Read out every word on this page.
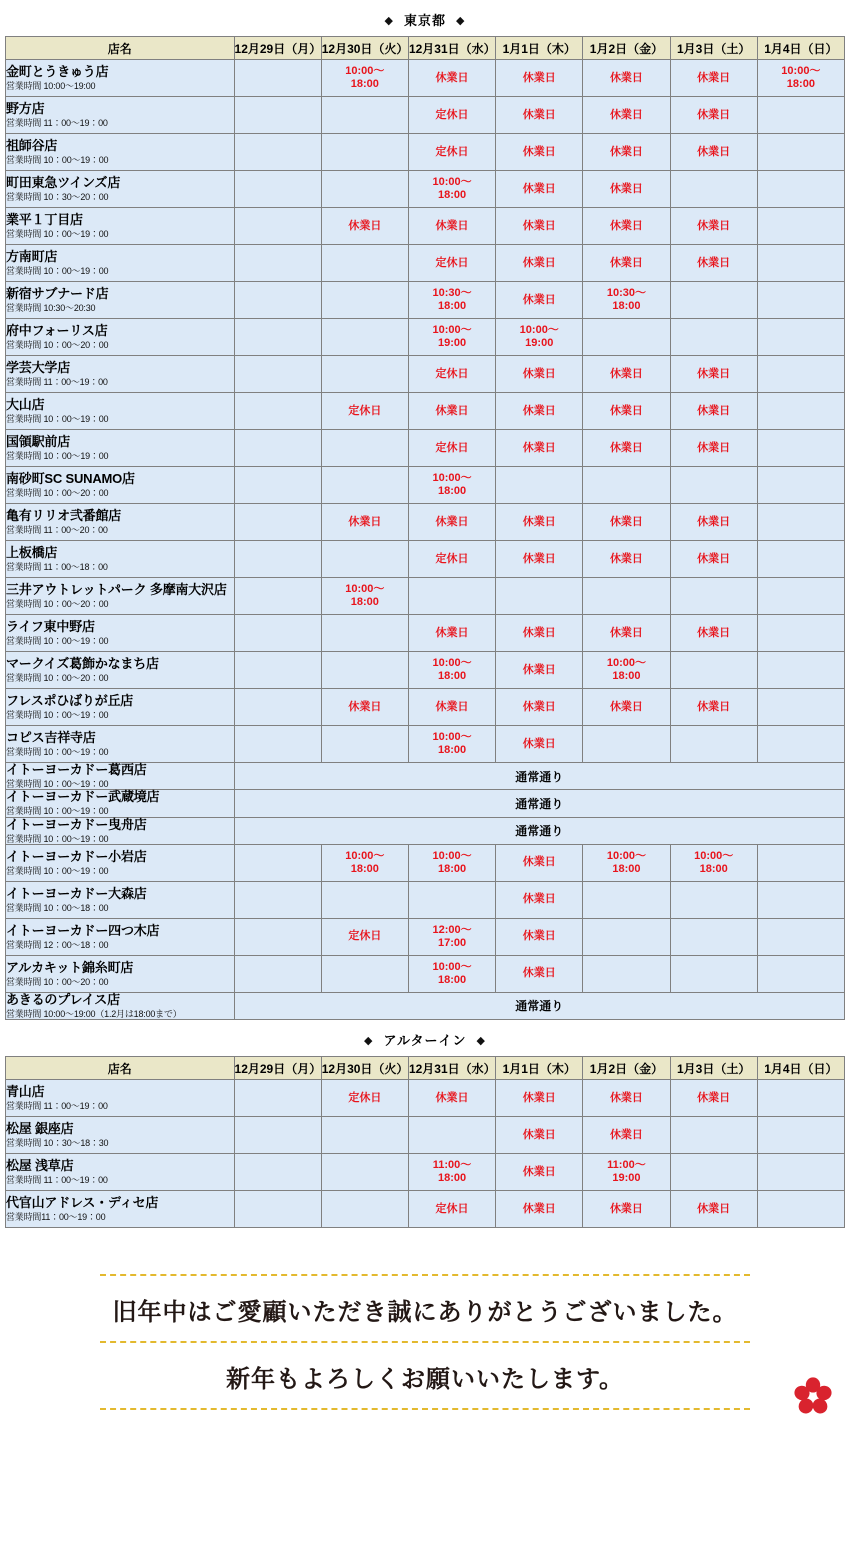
◆ 東京都 ◆
店名	12月29日（月）	12月30日（火）	12月31日（水）	1月1日（木）	1月2日（金）	1月3日（土）	1月4日（日）

金町とうきゅう店
営業時間 10:00〜19:00
		10:00〜
18:00	休業日	休業日	休業日	休業日	10:00〜
18:00

野方店
営業時間 11：00〜19：00			定休日	休業日	休業日	休業日	

祖師谷店
営業時間 10：00〜19：00			定休日	休業日	休業日	休業日	

町田東急ツインズ店
営業時間 10：30〜20：00
			10:00〜
18:00	休業日	休業日		

業平１丁目店
営業時間 10：00〜19：00		休業日	休業日	休業日	休業日	休業日	

方南町店
営業時間 10：00〜19：00			定休日	休業日	休業日	休業日	

新宿サブナード店
営業時間 10:30〜20:30
			10:30〜
18:00	休業日	10:30〜
18:00		

府中フォーリス店
営業時間 10：00〜20：00
			10:00〜
19:00	10:00〜
19:00			

学芸大学店
営業時間 11：00〜19：00			定休日	休業日	休業日	休業日	

大山店
営業時間 10：00〜19：00		定休日	休業日	休業日	休業日	休業日	

国領駅前店
営業時間 10：00〜19：00			定休日	休業日	休業日	休業日	

南砂町SC SUNAMO店
営業時間 10：00〜20：00
			10:00〜
18:00				

亀有リリオ弐番館店
営業時間 11：00〜20：00		休業日	休業日	休業日	休業日	休業日	

上板橋店
営業時間 11：00〜18：00			定休日	休業日	休業日	休業日	

三井アウトレットパーク 多摩南大沢店
営業時間 10：00〜20：00
		10:00〜
18:00					

ライフ東中野店
営業時間 10：00〜19：00			休業日	休業日	休業日	休業日	

マークイズ葛飾かなまち店
営業時間 10：00〜20：00
			10:00〜
18:00	休業日	10:00〜
18:00		

フレスポひばりが丘店
営業時間 10：00〜19：00		休業日	休業日	休業日	休業日	休業日	

コピス吉祥寺店
営業時間 10：00〜19：00
			10:00〜
18:00	休業日			

イトーヨーカドー葛西店
営業時間 10：00〜19：00	通常通り						

イトーヨーカドー武蔵境店
営業時間 10：00〜19：00	通常通り						

イトーヨーカドー曳舟店
営業時間 10：00〜19：00	通常通り						

イトーヨーカドー小岩店
営業時間 10：00〜19：00
		10:00〜
18:00	10:00〜
18:00	休業日	10:00〜
18:00	10:00〜
18:00	

イトーヨーカドー大森店
営業時間 10：00〜18：00				休業日			

イトーヨーカドー四つ木店
営業時間 12：00〜18：00
		定休日	12:00〜
17:00	休業日			

アルカキット錦糸町店
営業時間 10：00〜20：00
			10:00〜
18:00	休業日			

あきるのプレイス店
営業時間 10:00〜19:00（1.2月は18:00まで）	通常通り						
◆ アルターイン ◆
店名	12月29日（月）	12月30日（火）	12月31日（水）	1月1日（木）	1月2日（金）	1月3日（土）	1月4日（日）

青山店
営業時間 11：00〜19：00		定休日	休業日	休業日	休業日	休業日	

松屋 銀座店
営業時間 10：30〜18：30				休業日	休業日		

松屋 浅草店
営業時間 11：00〜19：00
			11:00〜
18:00	休業日	11:00〜
19:00		

代官山アドレス・ディセ店
営業時間11：00〜19：00			定休日	休業日	休業日	休業日	
旧年中はご愛顧いただき誠にありがとうございました。
新年もよろしくお願いいたします。
